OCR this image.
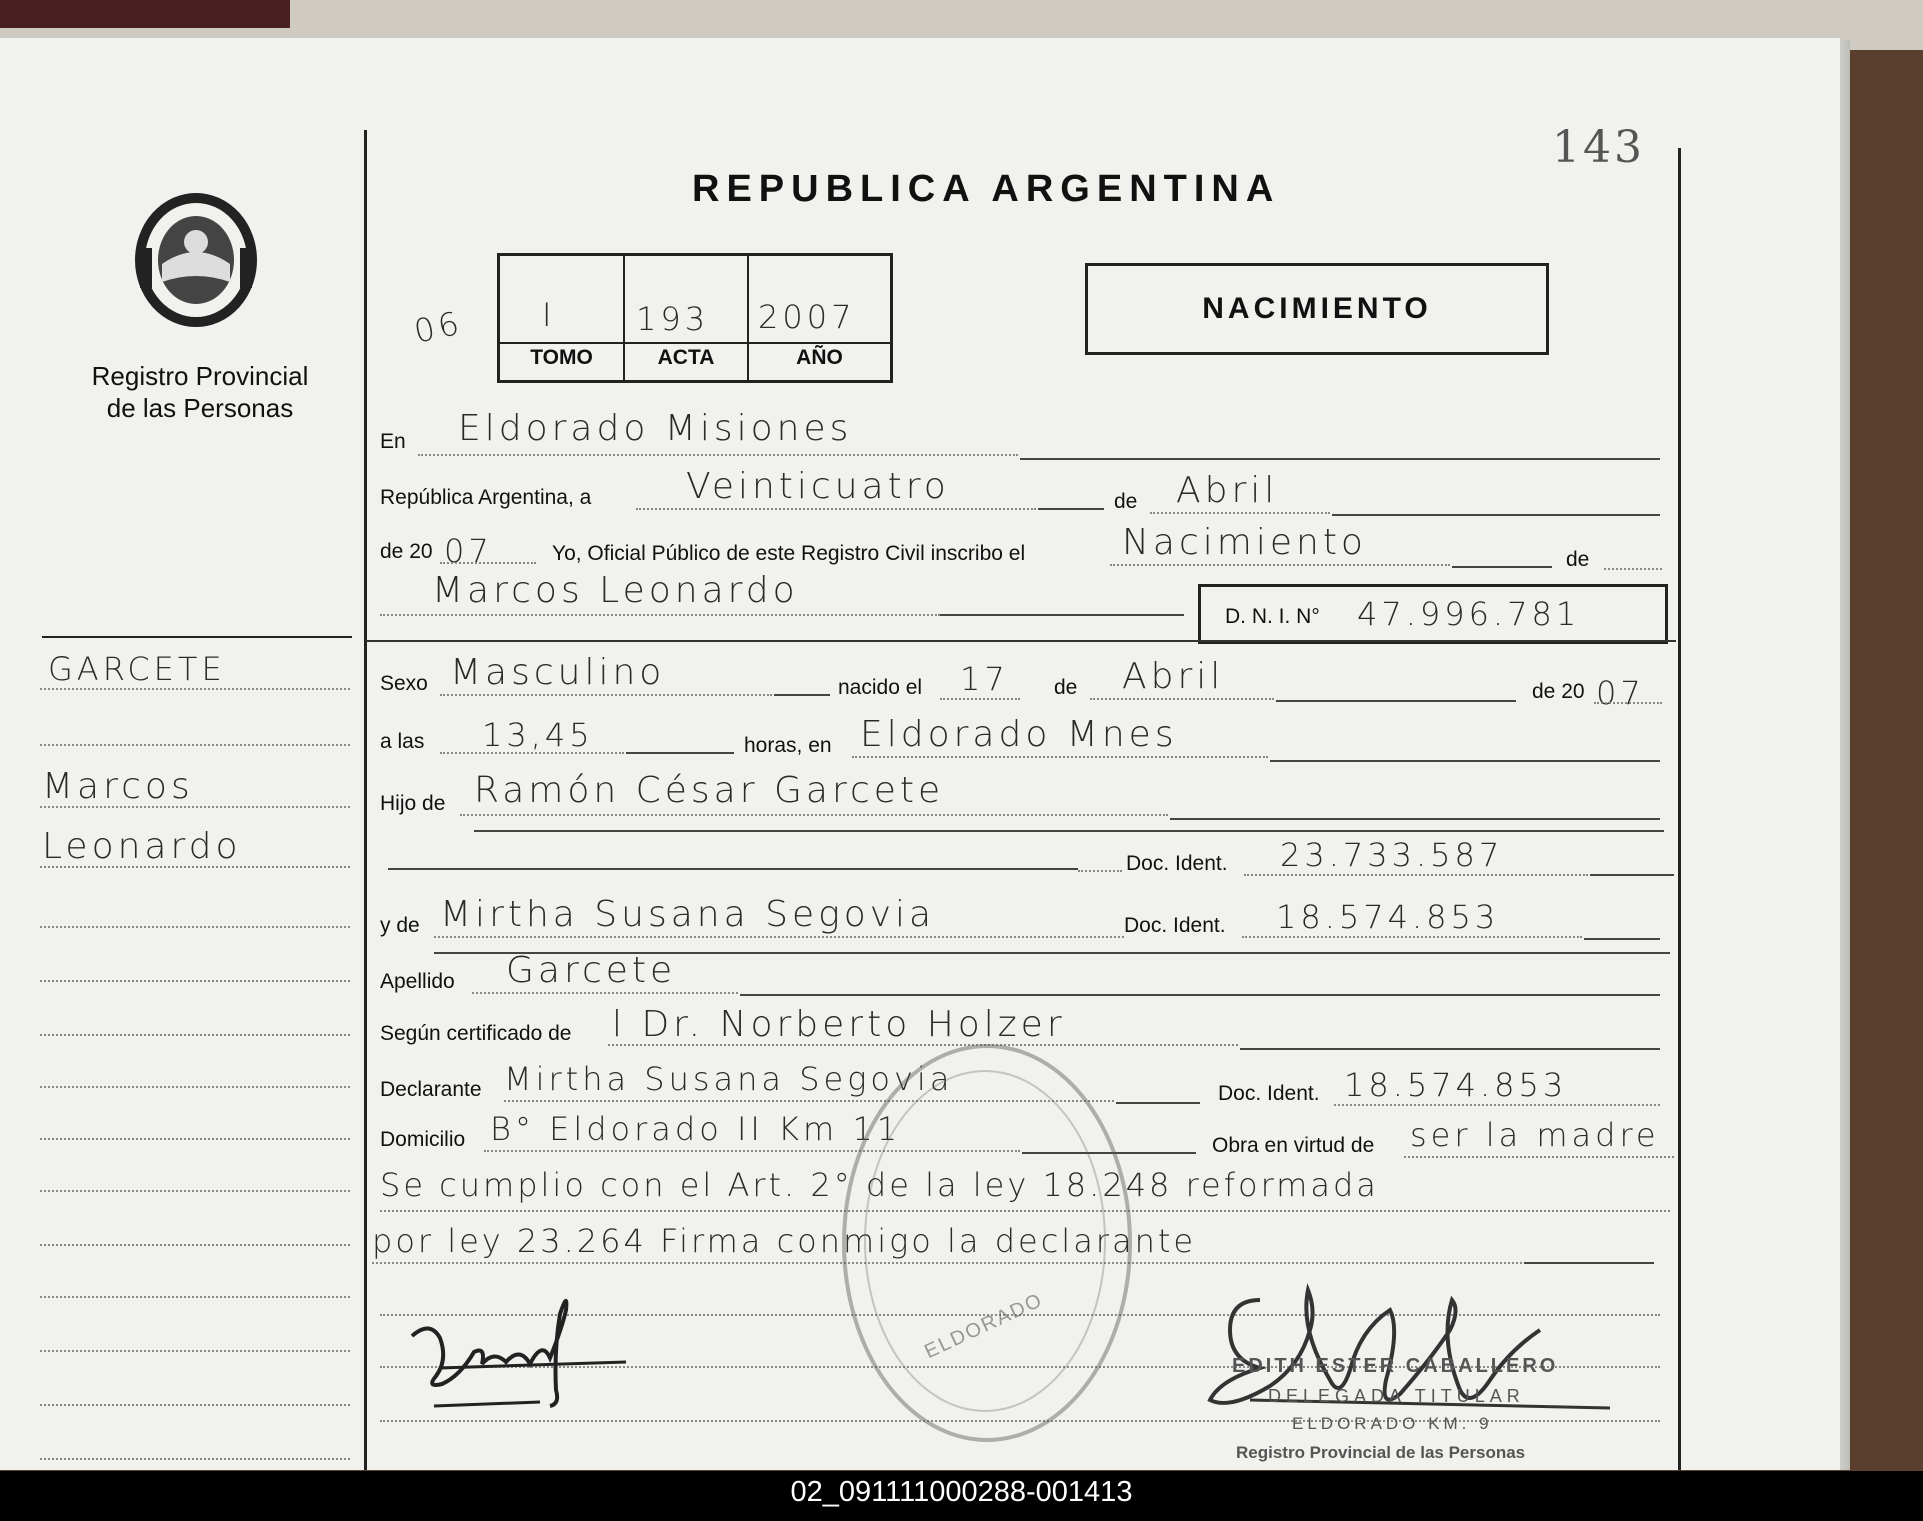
Registro Provincial
de las Personas
GARCETE
Marcos
Leonardo
REPUBLICA ARGENTINA
143
06 I	193 2007
TOMO	ACTA	AÑO
NACIMIENTO
En Eldorado Misiones
República Argentina, a	Veinticuatro	de Abril
de 20 07	Yo, Oficial Público de este Registro Civil inscribo el	Nacimiento	de
Marcos Leonardo
D. N. I. N° 47.996.781
Sexo Masculino	nacido el 17 de Abril	de 20 07
a las 13,45	horas, en Eldorado Mnes
Hijo de Ramón César Garcete
Doc. Ident. 23.733.587
y de Mirtha Susana Segovia	Doc. Ident. 18.574.853
Apellido Garcete
Según certificado de l Dr. Norberto Holzer
Declarante Mirtha Susana Segovia	Doc. Ident. 18.574.853
Domicilio B° Eldorado II Km 11	Obra en virtud de ser la madre
Se cumplio con el Art. 2° de la ley 18.248 reformada
por ley 23.264 Firma conmigo la declarante
ELDORADO
EDITH ESTER CABALLERO
DELEGADA TITULAR
ELDORADO KM. 9
Registro Provincial de las Personas
02_091111000288-001413
